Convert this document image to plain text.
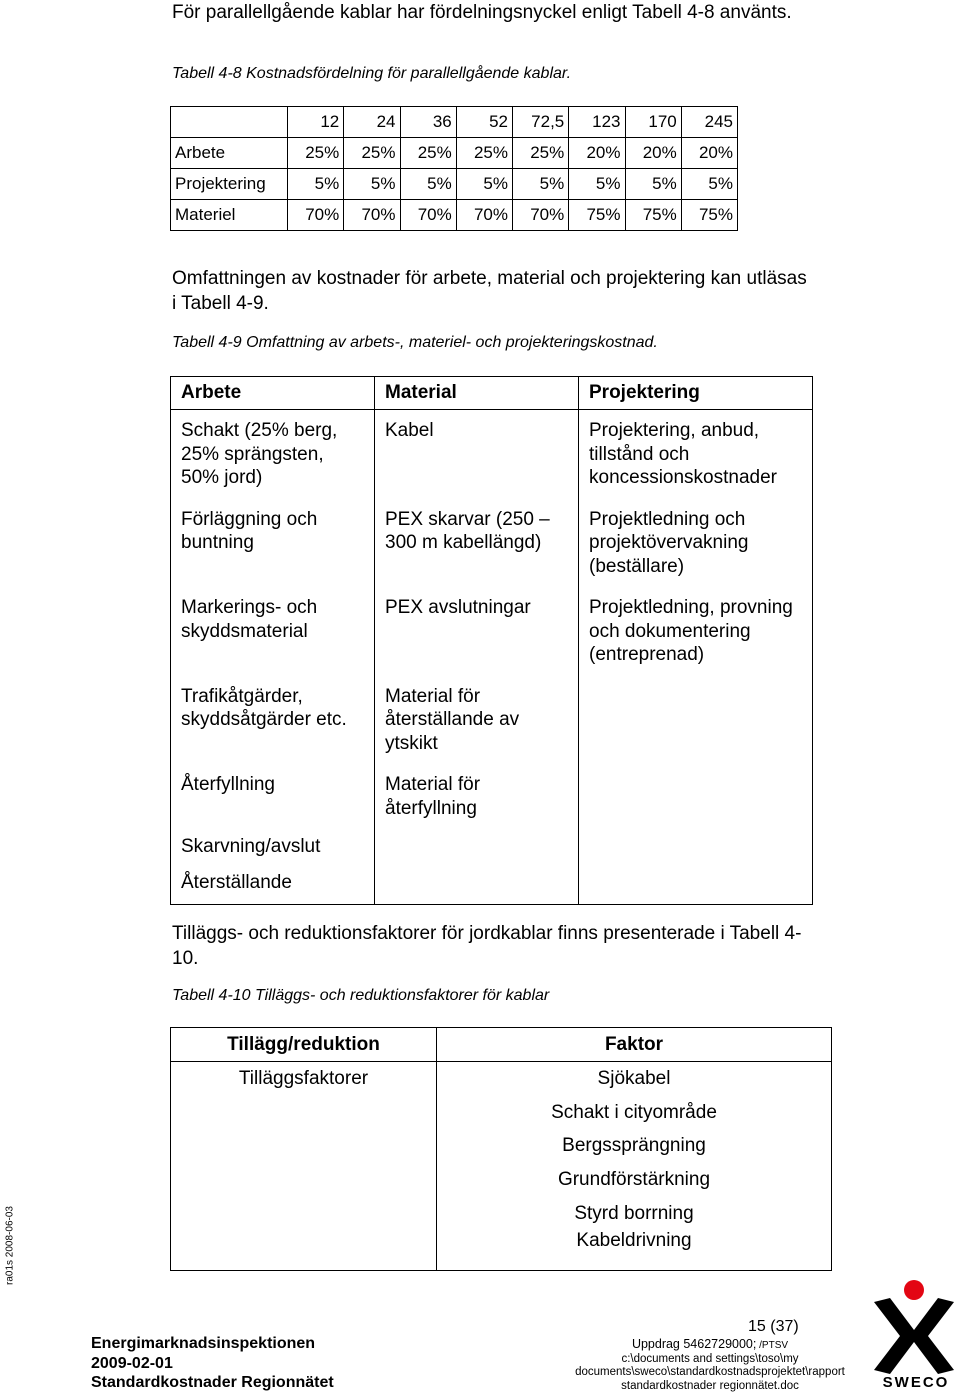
För parallellgående kablar har fördelningsnyckel enligt Tabell 4-8 använts.
Tabell 4-8 Kostnadsfördelning för parallellgående kablar.
	12	24	36	52	72,5	123	170	245
Arbete	25%	25%	25%	25%	25%	20%	20%	20%
Projektering	5%	5%	5%	5%	5%	5%	5%	5%
Materiel	70%	70%	70%	70%	70%	75%	75%	75%
Omfattningen av kostnader för arbete, material och projektering kan utläsas i Tabell 4-9.
Tabell 4-9 Omfattning av arbets-, materiel- och projekteringskostnad.
Arbete	Material	Projektering
Schakt (25% berg, 25% sprängsten, 50% jord)	Kabel	Projektering, anbud, tillstånd och koncessionskostnader
Förläggning och buntning	PEX skarvar (250 – 300 m kabellängd)	Projektledning och projektövervakning (beställare)
Markerings- och skyddsmaterial	PEX avslutningar	Projektledning, provning och dokumentering (entreprenad)
Trafikåtgärder, skyddsåtgärder etc.	Material för återställande av ytskikt	
Återfyllning	Material för återfyllning	
Skarvning/avslut		
Återställande		
Tilläggs- och reduktionsfaktorer för jordkablar finns presenterade i Tabell 4-10.
Tabell 4-10 Tilläggs- och reduktionsfaktorer för kablar
Tillägg/reduktion	Faktor
Tilläggsfaktorer	Sjökabel
	Schakt i cityområde
	Bergssprängning
	Grundförstärkning
	Styrd borrning
	Kabeldrivning
ra01s 2008-06-03
15 (37)
Energimarknadsinspektionen
2009-02-01
Standardkostnader Regionnätet
Uppdrag 5462729000; /PTSV
c:\documents and settings\toso\my
documents\sweco\standardkostnadsprojektet\rapport
standardkostnader regionnätet.doc	SWECO
